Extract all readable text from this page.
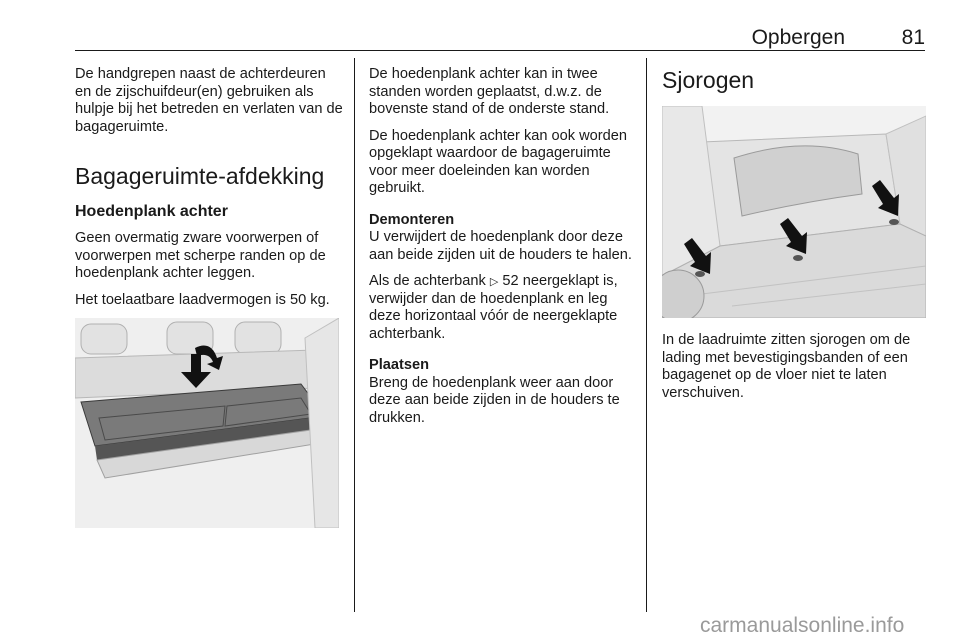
Opbergen	81

De handgrepen naast de achterdeuren en de zijschuifdeur(en) gebruiken als hulpje bij het betreden en verlaten van de bagageruimte.

Bagageruimte-afdekking
Hoedenplank achter

Geen overmatig zware voorwerpen of voorwerpen met scherpe randen op de hoedenplank achter leggen.

Het toelaatbare laadvermogen is 50 kg.

De hoedenplank achter kan in twee standen worden geplaatst, d.w.z. de bovenste stand of de onderste stand.

De hoedenplank achter kan ook worden opgeklapt waardoor de bagageruimte voor meer doeleinden kan worden gebruikt.

Demonteren
U verwijdert de hoedenplank door deze aan beide zijden uit de houders te halen.

Als de achterbank ▷ 52 neergeklapt is, verwijder dan de hoedenplank en leg deze horizontaal vóór de neergeklapte achterbank.

Plaatsen
Breng de hoedenplank weer aan door deze aan beide zijden in de houders te drukken.

Sjorogen

In de laadruimte zitten sjorogen om de lading met bevestigingsbanden of een bagagenet op de vloer niet te laten verschuiven.

carmanualsonline.info
